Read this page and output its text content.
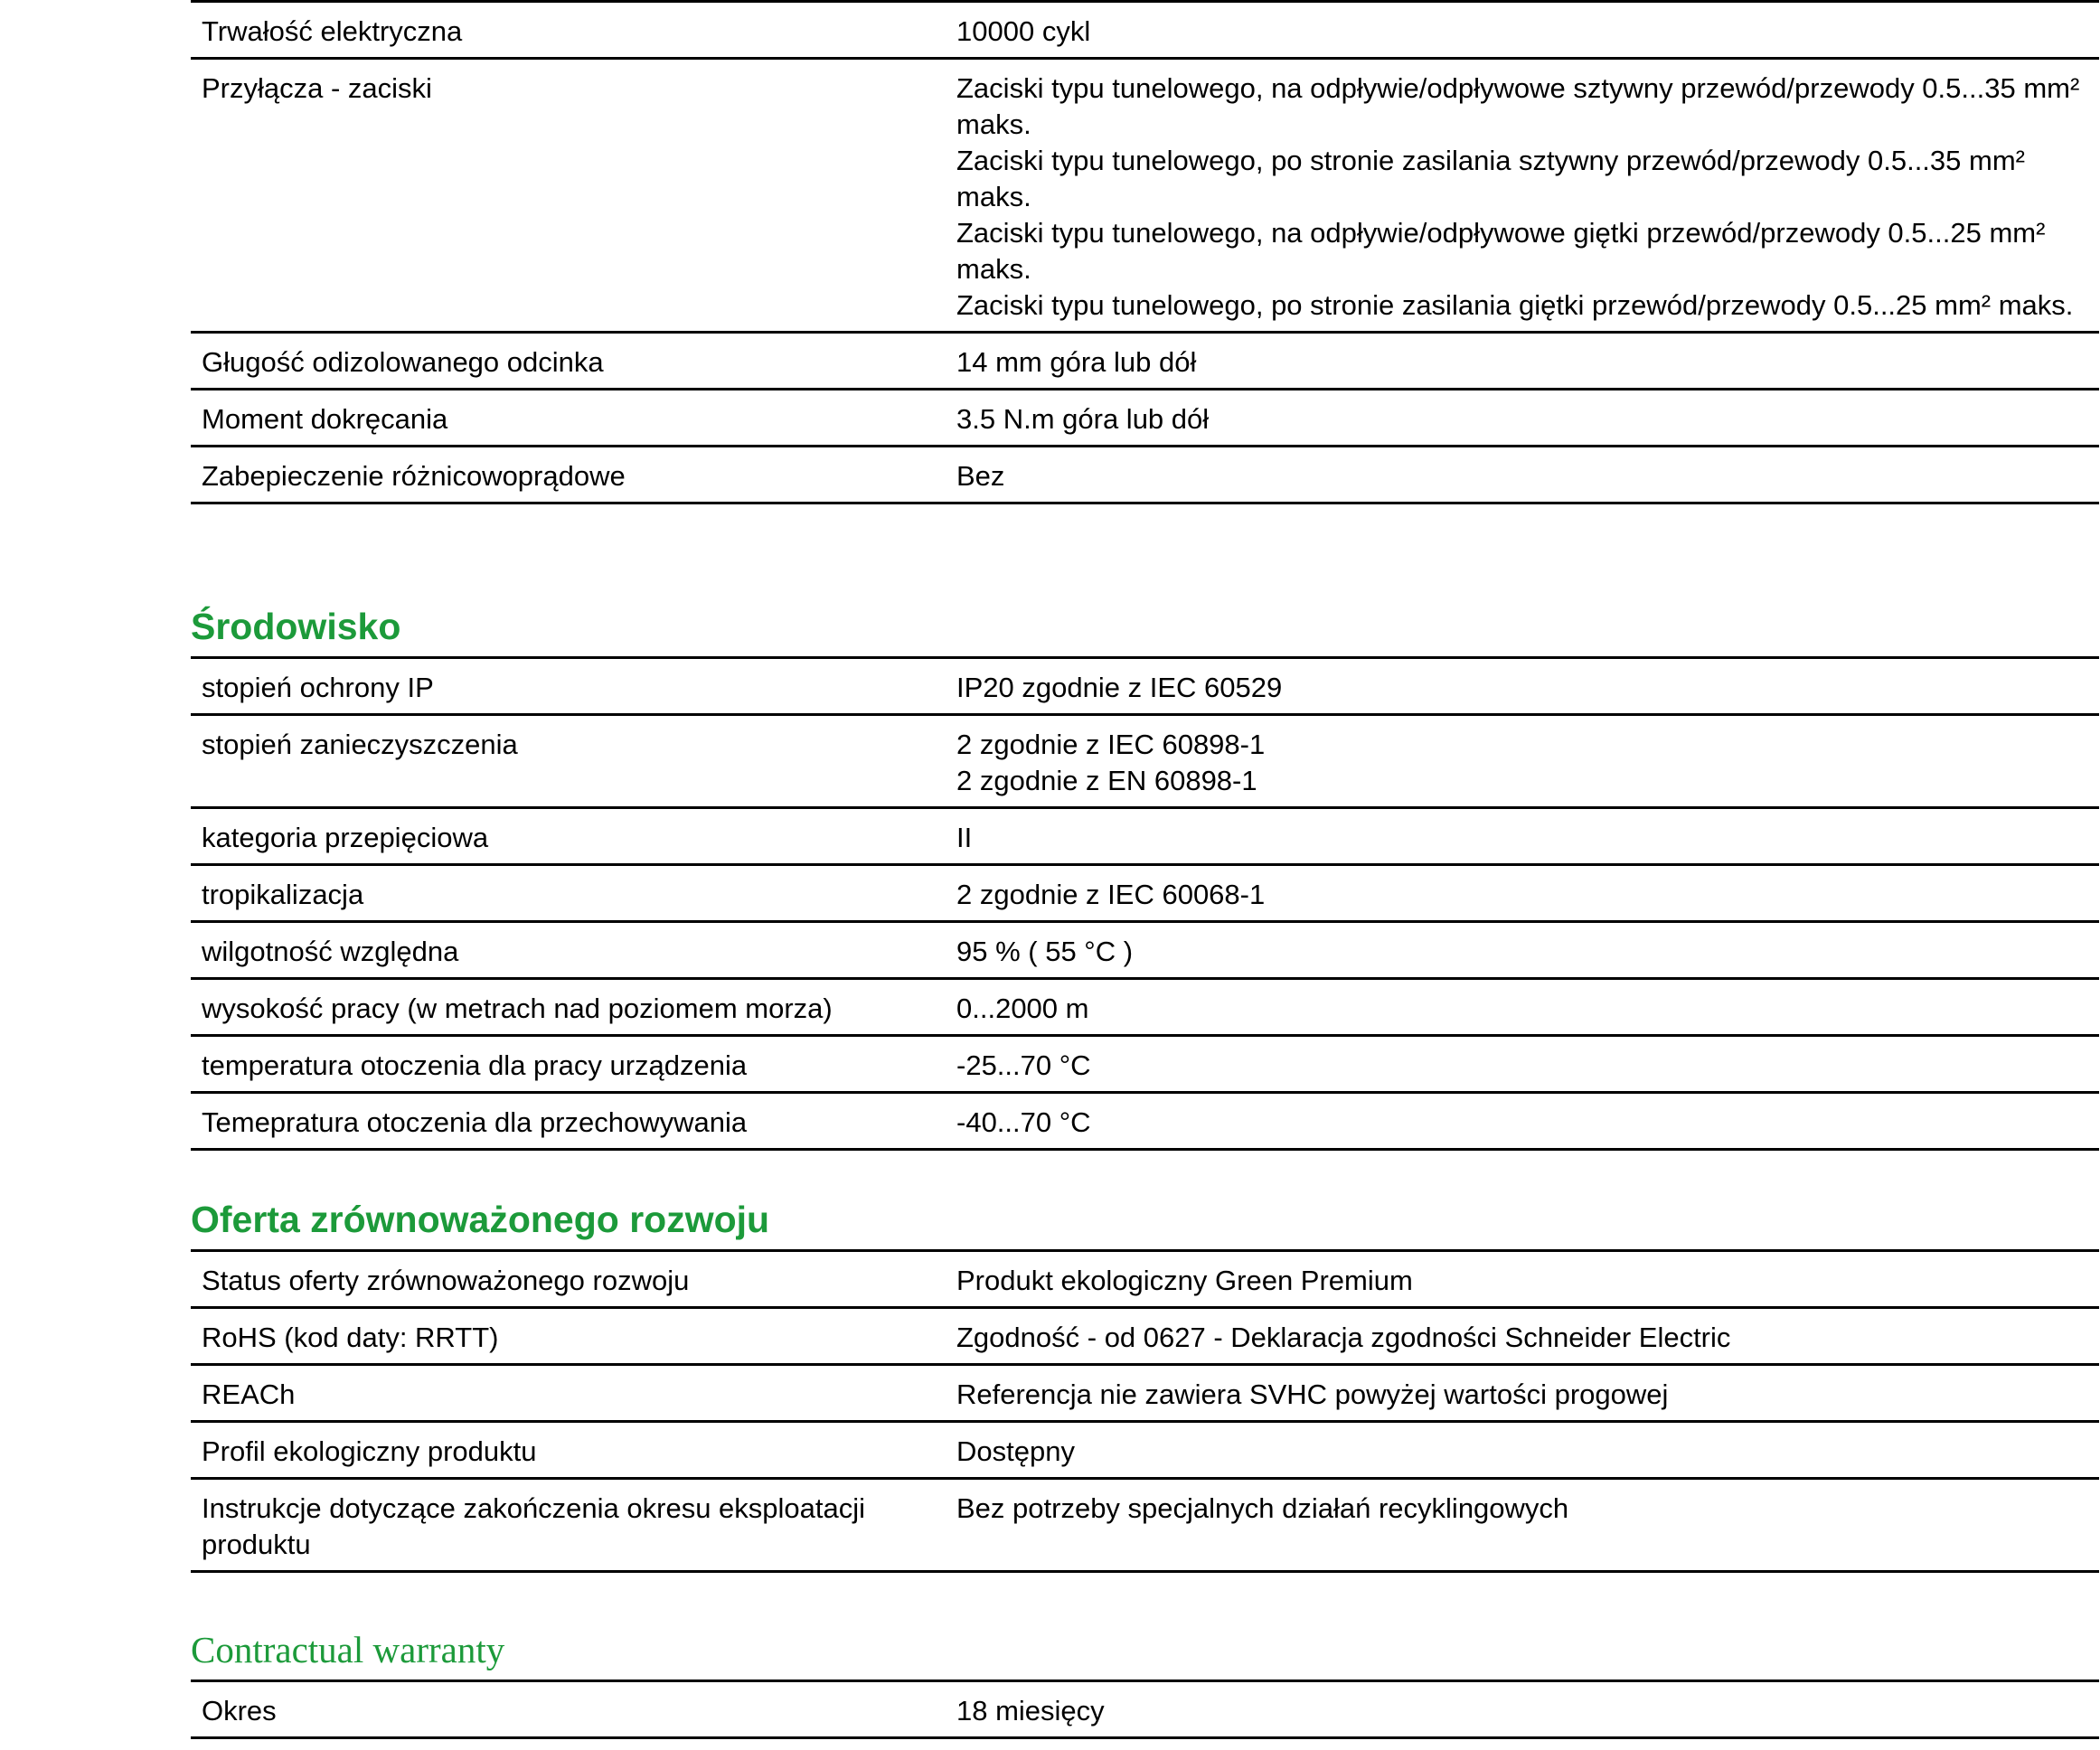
Trwałość elektryczna	10000 cykl
Przyłącza - zaciski	Zaciski typu tunelowego, na odpływie/odpływowe sztywny przewód/przewody 0.5...35 mm² maks.
Zaciski typu tunelowego, po stronie zasilania sztywny przewód/przewody 0.5...35 mm² maks.
Zaciski typu tunelowego, na odpływie/odpływowe giętki przewód/przewody 0.5...25 mm² maks.
Zaciski typu tunelowego, po stronie zasilania giętki przewód/przewody 0.5...25 mm² maks.
Gługość odizolowanego odcinka	14 mm góra lub dół
Moment dokręcania	3.5 N.m góra lub dół
Zabepieczenie różnicowoprądowe	Bez
Środowisko
stopień ochrony IP	IP20 zgodnie z IEC 60529
stopień zanieczyszczenia	2 zgodnie z IEC 60898-1
2 zgodnie z EN 60898-1
kategoria przepięciowa	II
tropikalizacja	2 zgodnie z IEC 60068-1
wilgotność względna	95 % ( 55 °C )
wysokość pracy (w metrach nad poziomem morza)	0...2000 m
temperatura otoczenia dla pracy urządzenia	-25...70 °C
Temepratura otoczenia dla przechowywania	-40...70 °C
Oferta zrównoważonego rozwoju
Status oferty zrównoważonego rozwoju	Produkt ekologiczny Green Premium
RoHS (kod daty: RRTT)	Zgodność - od 0627 - Deklaracja zgodności Schneider Electric
REACh	Referencja nie zawiera SVHC powyżej wartości progowej
Profil ekologiczny produktu	Dostępny
Instrukcje dotyczące zakończenia okresu eksploatacji produktu	Bez potrzeby specjalnych działań recyklingowych
Contractual warranty
Okres	18 miesięcy
